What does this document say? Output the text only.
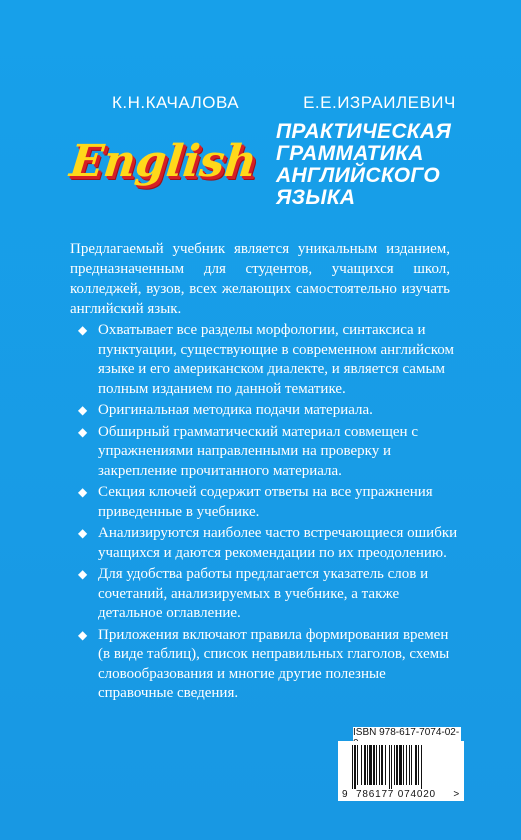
К.Н.КАЧАЛОВА	Е.Е.ИЗРАИЛЕВИЧ
English
ПРАКТИЧЕСКАЯ
ГРАММАТИКА
АНГЛИЙСКОГО
ЯЗЫКА

Предлагаемый учебник является уникальным изданием, предназначенным для студентов, учащихся школ, колледжей, вузов, всех желающих самостоятельно изучать английский язык.

◆ Охватывает все разделы морфологии, синтаксиса и пунктуации, существующие в современном английском языке и его американском диалекте, и является самым полным изданием по данной тематике.
◆ Оригинальная методика подачи материала.
◆ Обширный грамматический материал совмещен с упражнениями направленными на проверку и закрепление прочитанного материала.
◆ Секция ключей содержит ответы на все упражнения приведенные в учебнике.
◆ Анализируются наиболее часто встречающиеся ошибки учащихся и даются рекомендации по их преодолению.
◆ Для удобства работы предлагается указатель слов и сочетаний, анализируемых в учебнике, а также детальное оглавление.
◆ Приложения включают правила формирования времен (в виде таблиц), список неправильных глаголов, схемы словообразования и многие другие полезные справочные сведения.
ISBN 978-617-7074-02-
9 786177 074020 >
